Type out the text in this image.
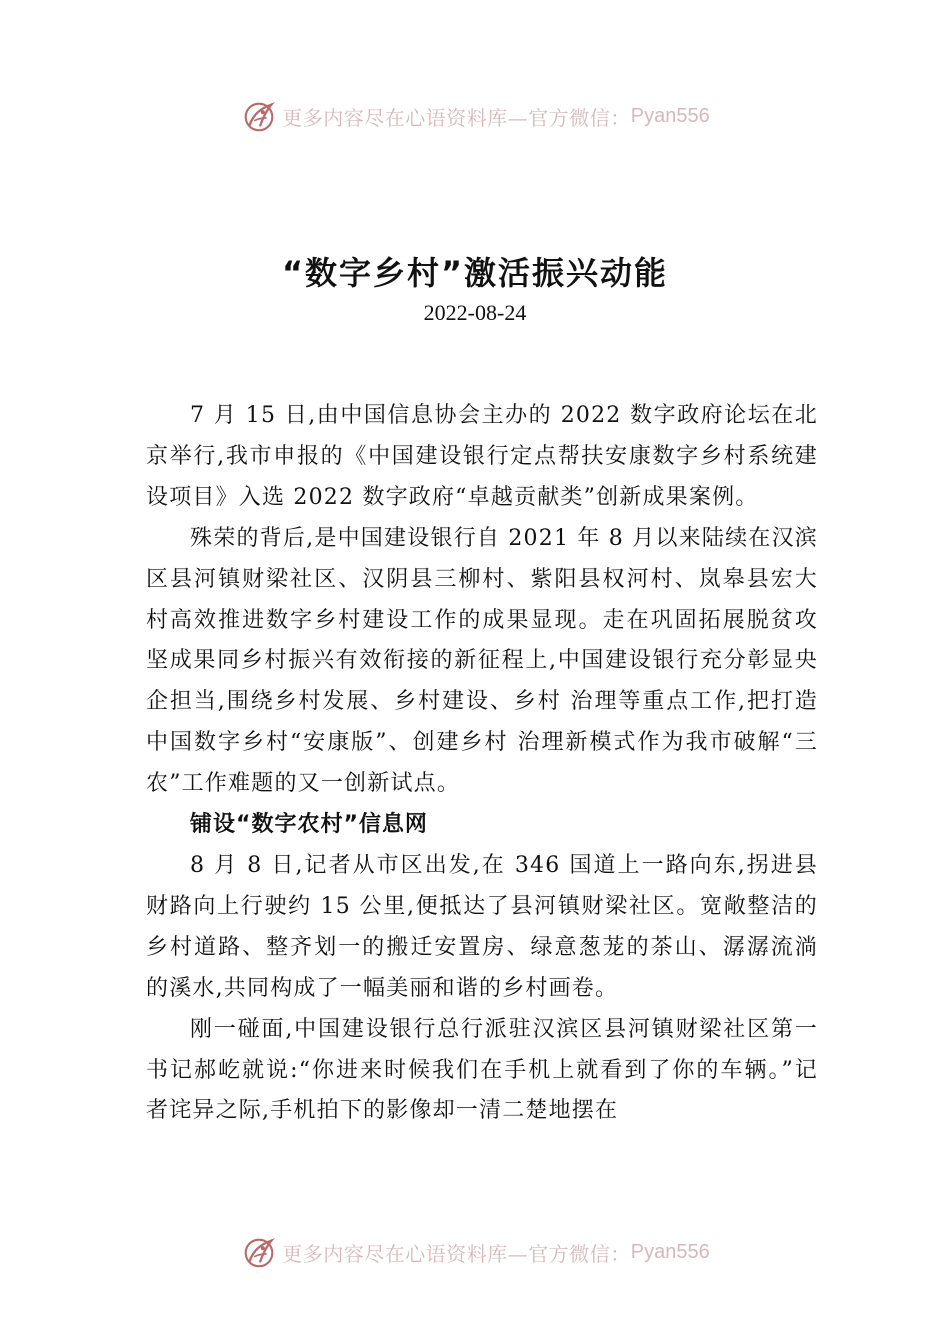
更多内容尽在心语资料库—官方微信： Pyan556
“数字乡村”激活振兴动能
2022-08-24

7 月 15 日,由中国信息协会主办的 2022 数字政府论坛在北京举行,我市申报的《中国建设银行定点帮扶安康数字乡村系统建设项目》入选 2022 数字政府“卓越贡献类”创新成果案例。

殊荣的背后,是中国建设银行自 2021 年 8 月以来陆续在汉滨区县河镇财梁社区、汉阴县三柳村、紫阳县权河村、岚皋县宏大村高效推进数字乡村建设工作的成果显现。走在巩固拓展脱贫攻坚成果同乡村振兴有效衔接的新征程上,中国建设银行充分彰显央企担当,围绕乡村发展、乡村建设、乡村 治理等重点工作,把打造中国数字乡村“安康版”、创建乡村 治理新模式作为我市破解“三农”工作难题的又一创新试点。

铺设“数字农村”信息网

8 月 8 日,记者从市区出发,在 346 国道上一路向东,拐进县财路向上行驶约 15 公里,便抵达了县河镇财梁社区。宽敞整洁的乡村道路、整齐划一的搬迁安置房、绿意葱茏的茶山、潺潺流淌的溪水,共同构成了一幅美丽和谐的乡村画卷。

刚一碰面,中国建设银行总行派驻汉滨区县河镇财梁社区第一书记郝屹就说:“你进来时候我们在手机上就看到了你的车辆。”记者诧异之际,手机拍下的影像却一清二楚地摆在

更多内容尽在心语资料库—官方微信： Pyan556
